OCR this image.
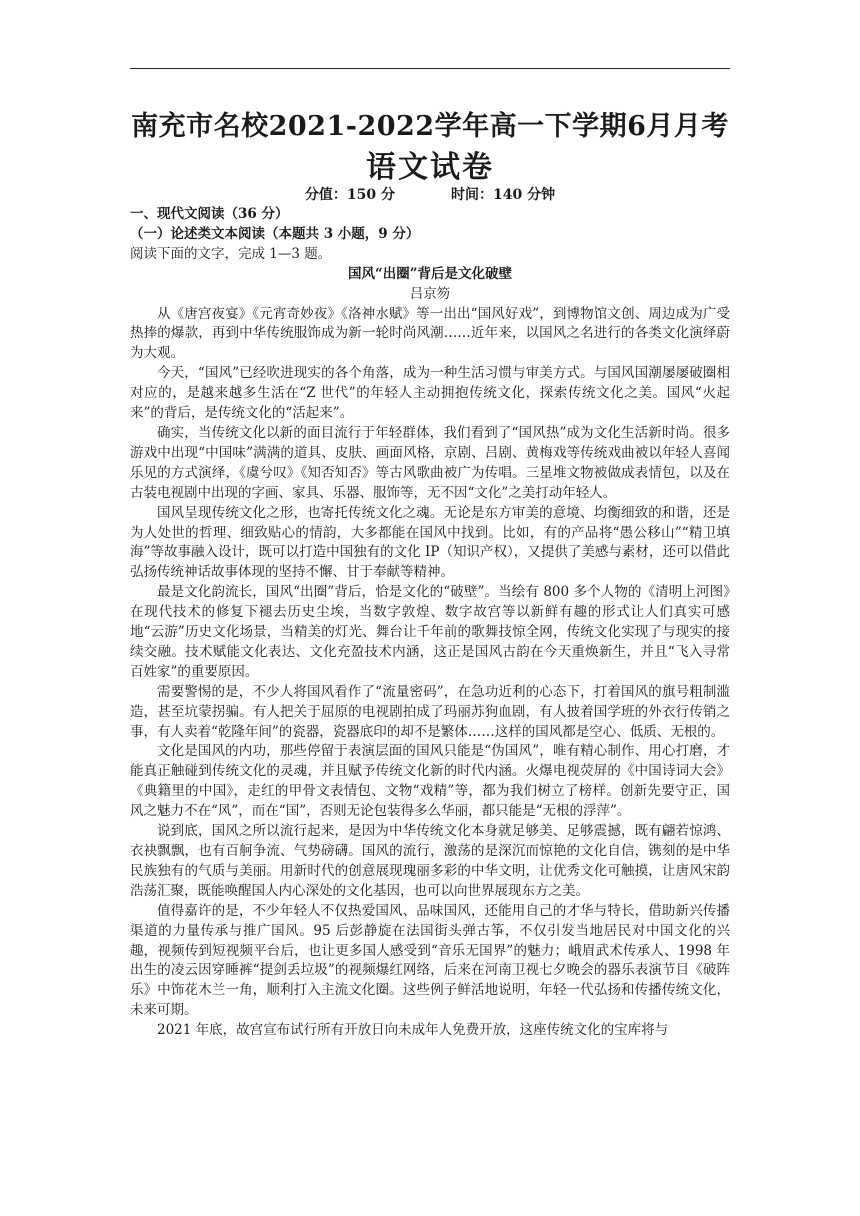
南充市名校2021-2022学年高一下学期6月月考
语文试卷
分值：150 分	时间：140 分钟

一、现代文阅读（36 分）

（一）论述类文本阅读（本题共 3 小题，9 分）

阅读下面的文字，完成 1—3 题。

国风“出圈”背后是文化破壁

吕京笏

从《唐宫夜宴》《元宵奇妙夜》《洛神水赋》等一出出“国风好戏”，到博物馆文创、周边成为广受热捧的爆款，再到中华传统服饰成为新一轮时尚风潮……近年来，以国风之名进行的各类文化演绎蔚为大观。

今天，“国风”已经吹进现实的各个角落，成为一种生活习惯与审美方式。与国风国潮屡屡破圈相对应的，是越来越多生活在“Z 世代”的年轻人主动拥抱传统文化，探索传统文化之美。国风“火起来”的背后，是传统文化的“活起来”。

确实，当传统文化以新的面目流行于年轻群体，我们看到了“国风热”成为文化生活新时尚。很多游戏中出现“中国味”满满的道具、皮肤、画面风格，京剧、吕剧、黄梅戏等传统戏曲被以年轻人喜闻乐见的方式演绎，《虞兮叹》《知否知否》等古风歌曲被广为传唱。三星堆文物被做成表情包，以及在古装电视剧中出现的字画、家具、乐器、服饰等，无不因“文化”之美打动年轻人。

国风呈现传统文化之形，也寄托传统文化之魂。无论是东方审美的意境、均衡细致的和谐，还是为人处世的哲理、细致贴心的情韵，大多都能在国风中找到。比如，有的产品将“愚公移山”“精卫填海”等故事融入设计，既可以打造中国独有的文化 IP（知识产权），又提供了美感与素材，还可以借此弘扬传统神话故事体现的坚持不懈、甘于奉献等精神。

最是文化韵流长，国风“出圈”背后，恰是文化的“破壁”。当绘有 800 多个人物的《清明上河图》在现代技术的修复下褪去历史尘埃，当数字敦煌、数字故宫等以新鲜有趣的形式让人们真实可感地“云游”历史文化场景，当精美的灯光、舞台让千年前的歌舞技惊全网，传统文化实现了与现实的接续交融。技术赋能文化表达、文化充盈技术内涵，这正是国风古韵在今天重焕新生，并且“飞入寻常百姓家”的重要原因。

需要警惕的是，不少人将国风看作了“流量密码”，在急功近利的心态下，打着国风的旗号粗制滥造，甚至坑蒙拐骗。有人把关于屈原的电视剧拍成了玛丽苏狗血剧，有人披着国学班的外衣行传销之事，有人卖着“乾隆年间”的瓷器，瓷器底印的却不是繁体……这样的国风都是空心、低质、无根的。

文化是国风的内功，那些停留于表演层面的国风只能是“伪国风”，唯有精心制作、用心打磨，才能真正触碰到传统文化的灵魂，并且赋予传统文化新的时代内涵。火爆电视荧屏的《中国诗词大会》《典籍里的中国》，走红的甲骨文表情包、文物“戏精”等，都为我们树立了榜样。创新先要守正，国风之魅力不在“风”，而在“国”，否则无论包装得多么华丽，都只能是“无根的浮萍”。

说到底，国风之所以流行起来，是因为中华传统文化本身就足够美、足够震撼，既有翩若惊鸿、衣袂飘飘，也有百舸争流、气势磅礴。国风的流行，激荡的是深沉而惊艳的文化自信，镌刻的是中华民族独有的气质与美丽。用新时代的创意展现瑰丽多彩的中华文明，让优秀文化可触摸，让唐风宋韵浩荡汇聚，既能唤醒国人内心深处的文化基因，也可以向世界展现东方之美。

值得嘉许的是，不少年轻人不仅热爱国风、品味国风，还能用自己的才华与特长，借助新兴传播渠道的力量传承与推广国风。95 后彭静旋在法国街头弹古筝，不仅引发当地居民对中国文化的兴趣，视频传到短视频平台后，也让更多国人感受到“音乐无国界”的魅力；峨眉武术传承人、1998 年出生的凌云因穿睡裤“提剑丢垃圾”的视频爆红网络，后来在河南卫视七夕晚会的器乐表演节目《破阵乐》中饰花木兰一角，顺利打入主流文化圈。这些例子鲜活地说明，年轻一代弘扬和传播传统文化，未来可期。

2021 年底，故宫宣布试行所有开放日向未成年人免费开放，这座传统文化的宝库将与
